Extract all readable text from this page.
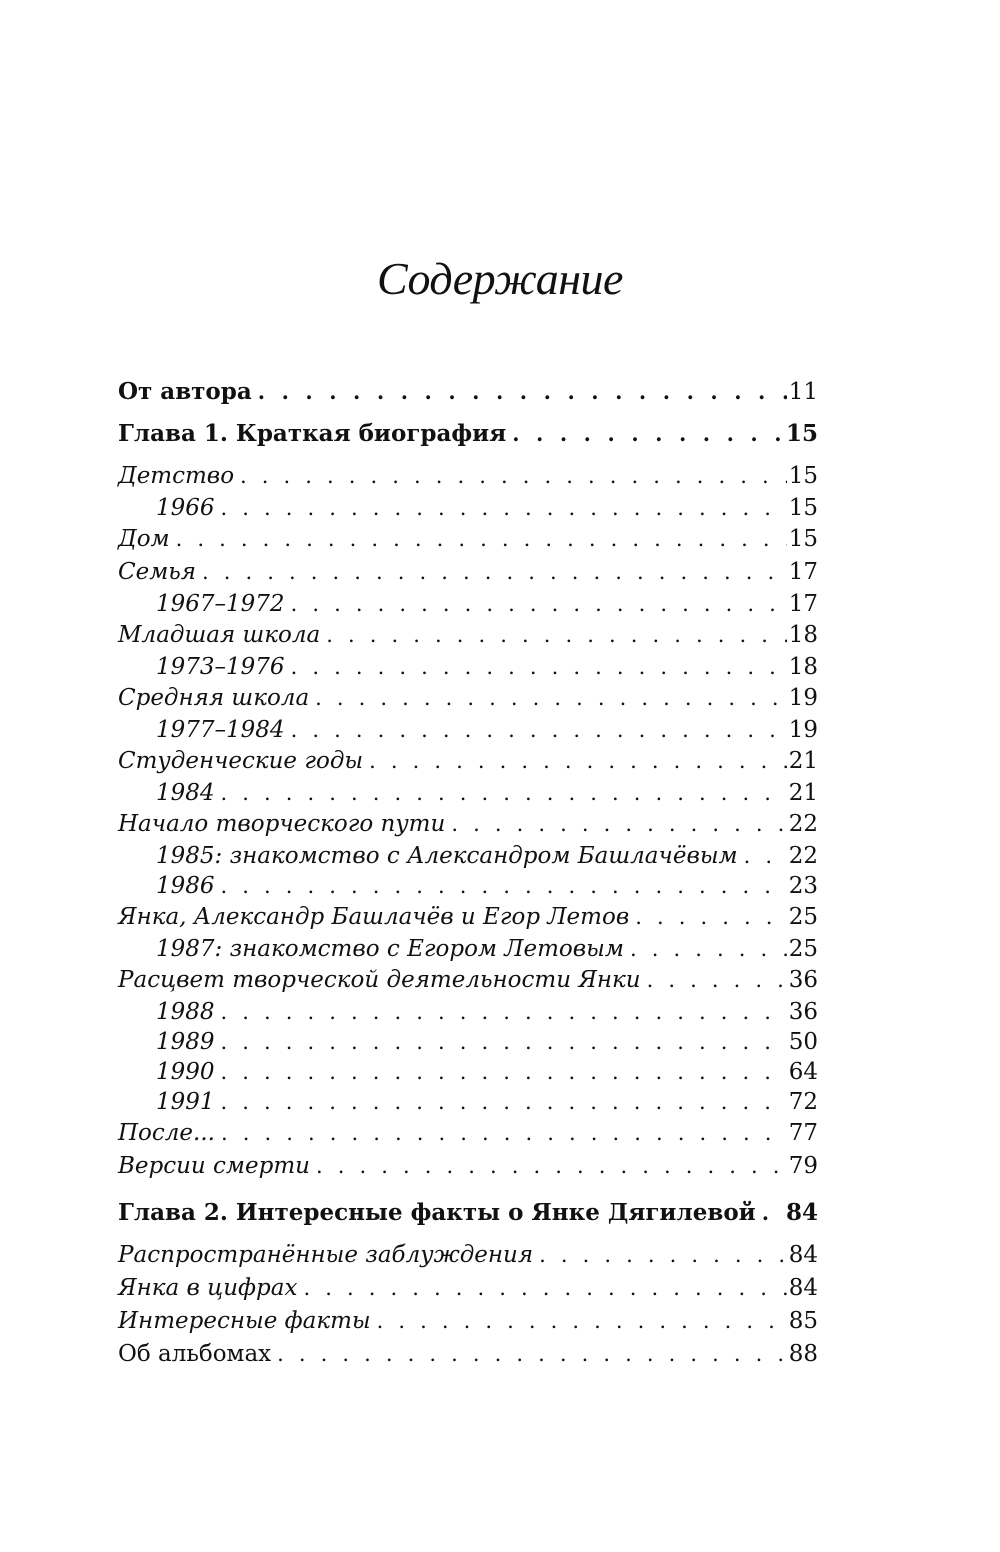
Содержание
От автора . . .	11
Глава 1. Краткая биография . . .	15
Детство . . .	15
1966 . . .	15
Дом . . .	15
Семья . . .	17
1967–1972 . . .	17
Младшая школа . . .	18
1973–1976 . . .	18
Средняя школа . . .	19
1977–1984 . . .	19
Студенческие годы . . .	21
1984 . . .	21
Начало творческого пути . . .	22
1985: знакомство с Александром Башлачёвым . . . 22
1986 . . .	23
Янка, Александр Башлачёв и Егор Летов . . .	25
1987: знакомство с Егором Летовым . . .	25
Расцвет творческой деятельности Янки . . .	36
1988 . . .	36
1989 . . .	50
1990 . . .	64
1991 . . .	72
После... . . .	77
Версии смерти . . .	79
Глава 2. Интересные факты о Янке Дягилевой . . . 84
Распространённые заблуждения . . .	84
Янка в цифрах . . .	84
Интересные факты . . .	85
Об альбомах . . .	88
